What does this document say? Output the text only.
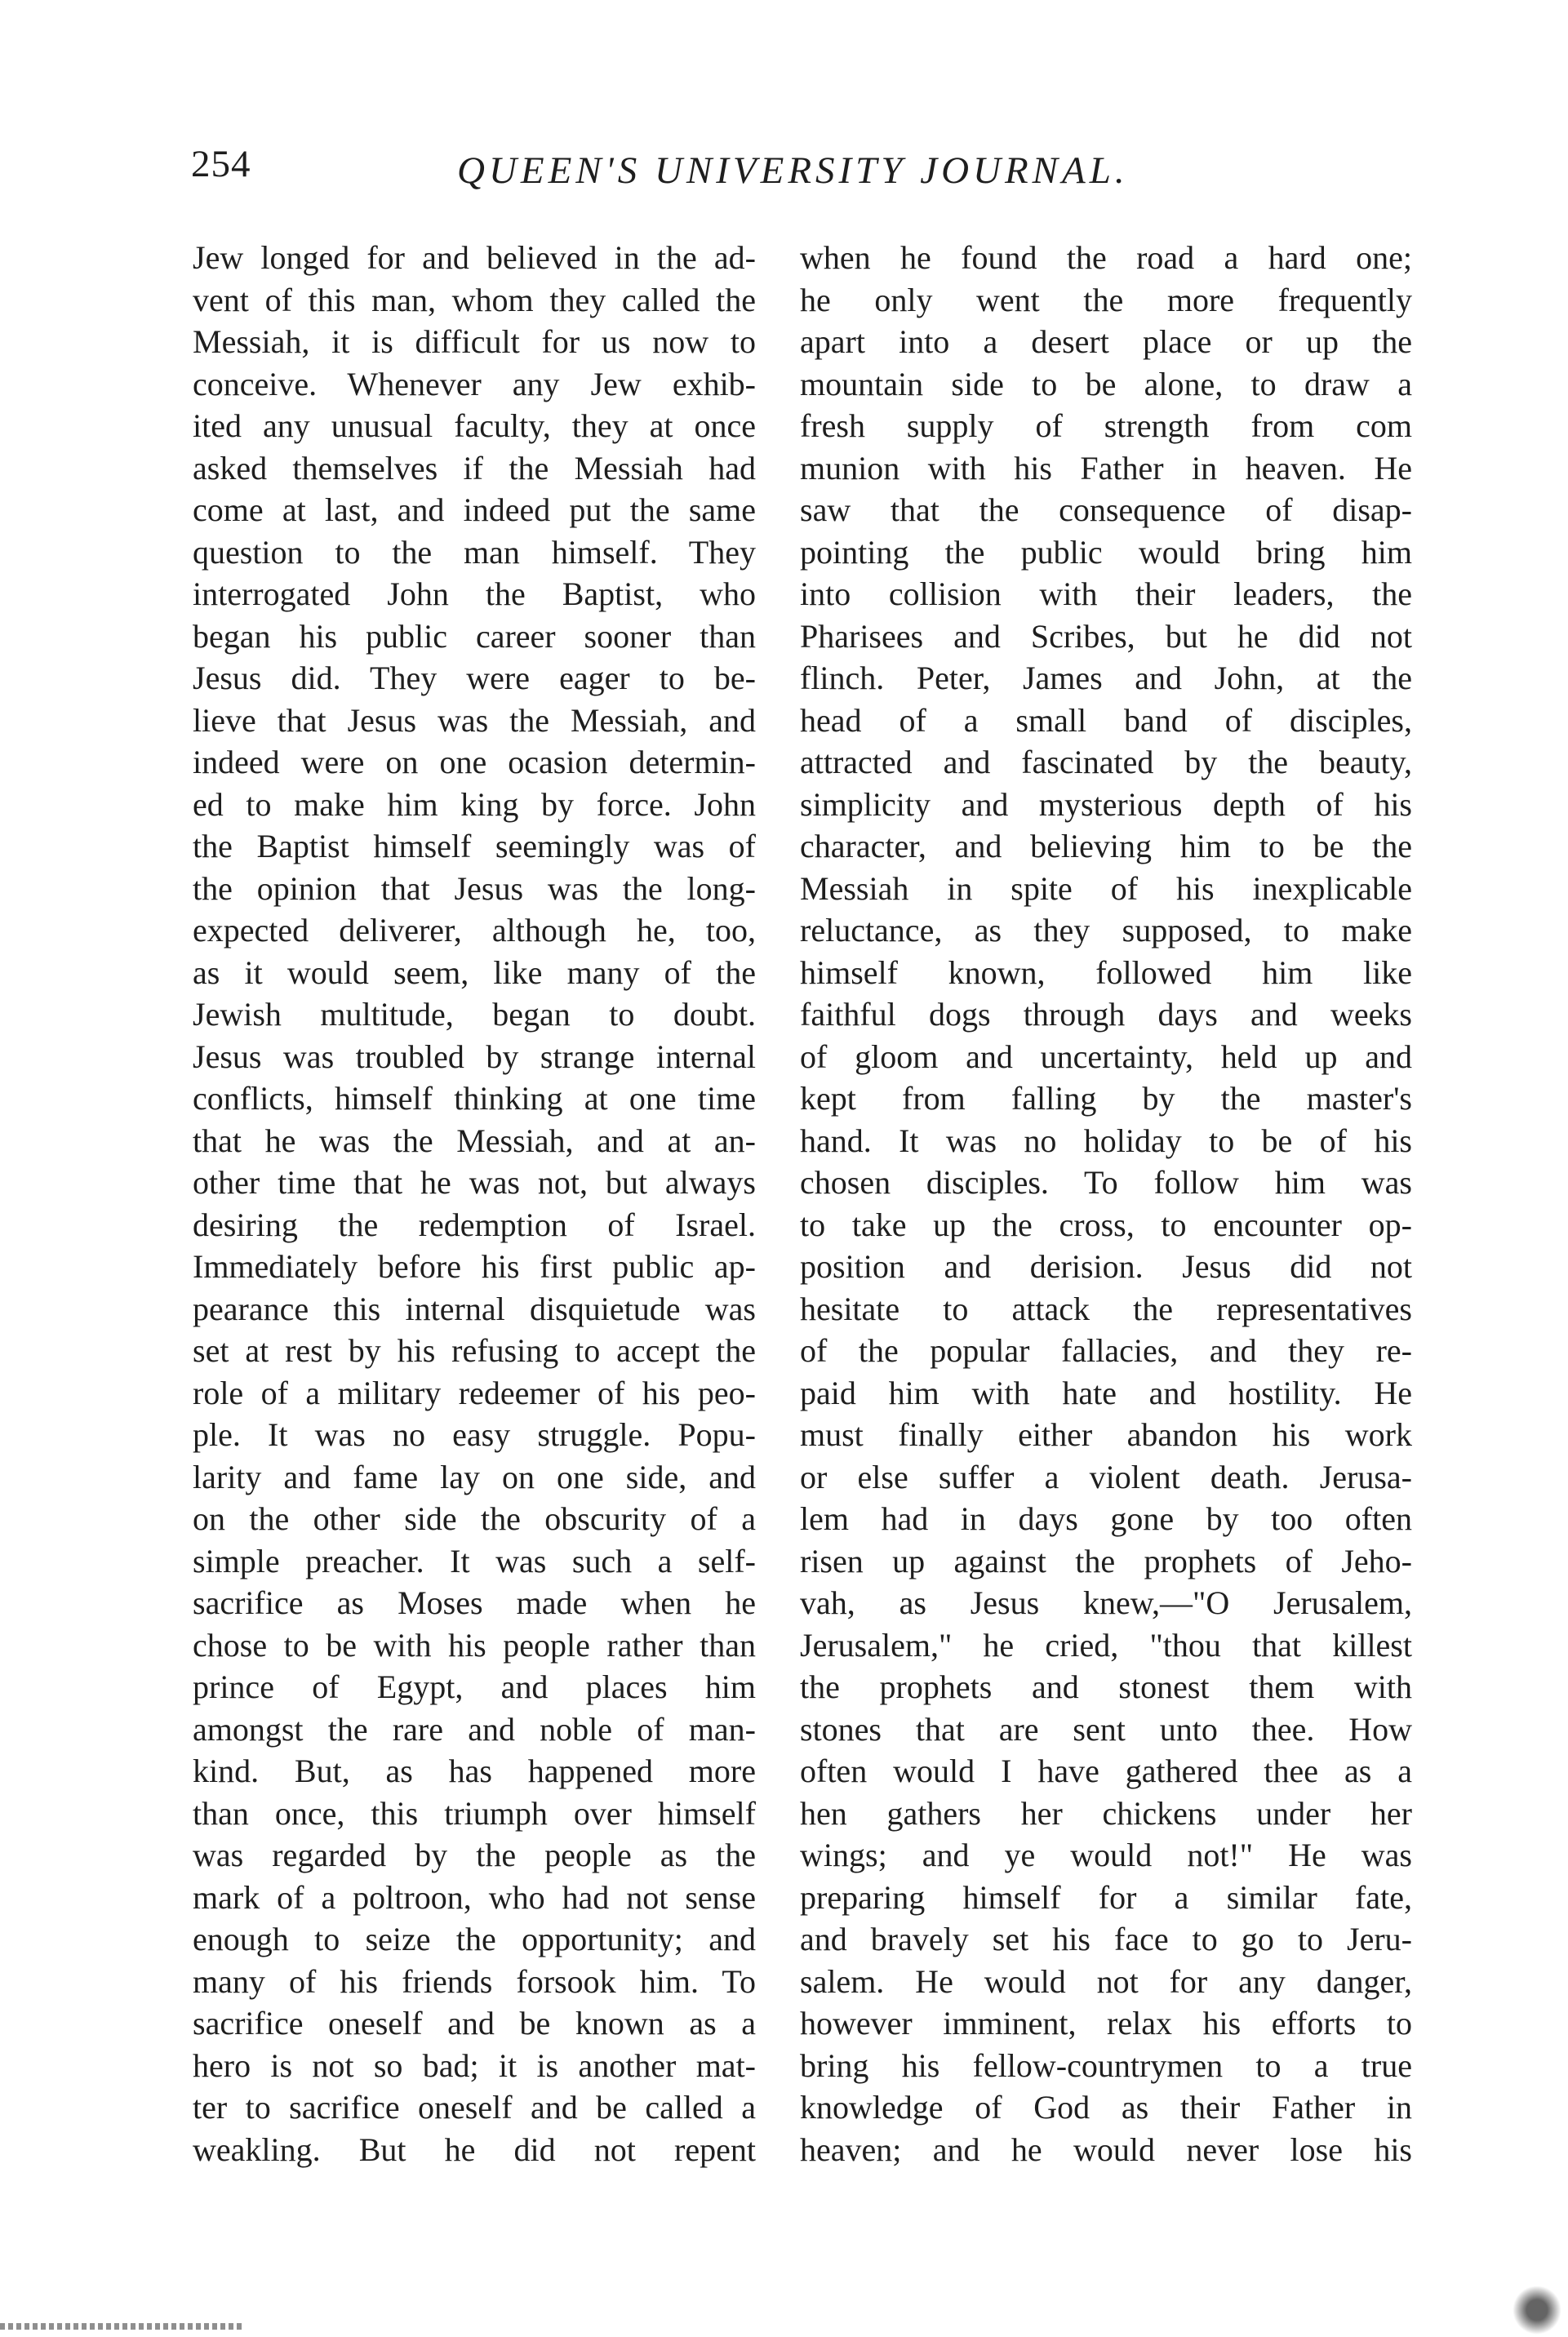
254	QUEEN'S UNIVERSITY JOURNAL.
Jew longed for and believed in the ad-
vent of this man, whom they called the
Messiah, it is difficult for us now to
conceive. Whenever any Jew exhib-
ited any unusual faculty, they at once
asked themselves if the Messiah had
come at last, and indeed put the same
question to the man himself. They
interrogated John the Baptist, who
began his public career sooner than
Jesus did. They were eager to be-
lieve that Jesus was the Messiah, and
indeed were on one ocasion determin-
ed to make him king by force. John
the Baptist himself seemingly was of
the opinion that Jesus was the long-
expected deliverer, although he, too,
as it would seem, like many of the
Jewish multitude, began to doubt.
Jesus was troubled by strange internal
conflicts, himself thinking at one time
that he was the Messiah, and at an-
other time that he was not, but always
desiring the redemption of Israel.
Immediately before his first public ap-
pearance this internal disquietude was
set at rest by his refusing to accept the
role of a military redeemer of his peo-
ple. It was no easy struggle. Popu-
larity and fame lay on one side, and
on the other side the obscurity of a
simple preacher. It was such a self-
sacrifice as Moses made when he
chose to be with his people rather than
prince of Egypt, and places him
amongst the rare and noble of man-
kind. But, as has happened more
than once, this triumph over himself
was regarded by the people as the
mark of a poltroon, who had not sense
enough to seize the opportunity; and
many of his friends forsook him. To
sacrifice oneself and be known as a
hero is not so bad; it is another mat-
ter to sacrifice oneself and be called a
weakling. But he did not repent
when he found the road a hard one;
he only went the more frequently
apart into a desert place or up the
mountain side to be alone, to draw a
fresh supply of strength from com
munion with his Father in heaven. He
saw that the consequence of disap-
pointing the public would bring him
into collision with their leaders, the
Pharisees and Scribes, but he did not
flinch. Peter, James and John, at the
head of a small band of disciples,
attracted and fascinated by the beauty,
simplicity and mysterious depth of his
character, and believing him to be the
Messiah in spite of his inexplicable
reluctance, as they supposed, to make
himself known, followed him like
faithful dogs through days and weeks
of gloom and uncertainty, held up and
kept from falling by the master's
hand. It was no holiday to be of his
chosen disciples. To follow him was
to take up the cross, to encounter op-
position and derision. Jesus did not
hesitate to attack the representatives
of the popular fallacies, and they re-
paid him with hate and hostility. He
must finally either abandon his work
or else suffer a violent death. Jerusa-
lem had in days gone by too often
risen up against the prophets of Jeho-
vah, as Jesus knew,—"O Jerusalem,
Jerusalem," he cried, "thou that killest
the prophets and stonest them with
stones that are sent unto thee. How
often would I have gathered thee as a
hen gathers her chickens under her
wings; and ye would not!" He was
preparing himself for a similar fate,
and bravely set his face to go to Jeru-
salem. He would not for any danger,
however imminent, relax his efforts to
bring his fellow-countrymen to a true
knowledge of God as their Father in
heaven; and he would never lose his
